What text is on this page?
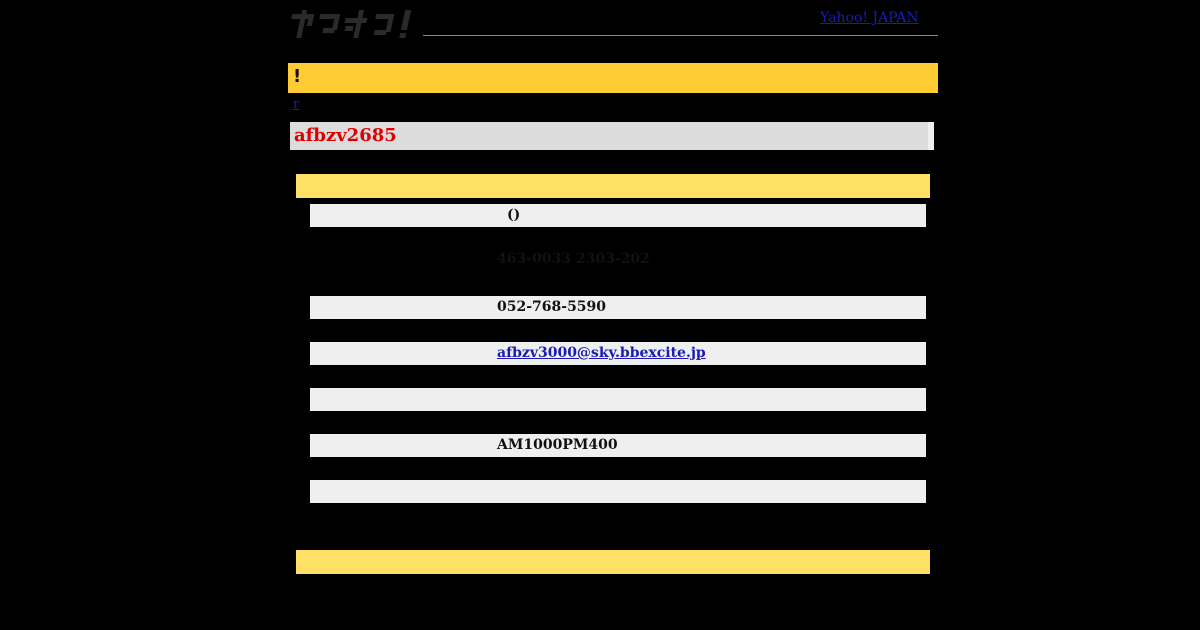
Yahoo! JAPAN
!
r
afbzv2685
()
463-0033 2303-202
052-768-5590
afbzv3000@sky.bbexcite.jp
AM1000PM400
